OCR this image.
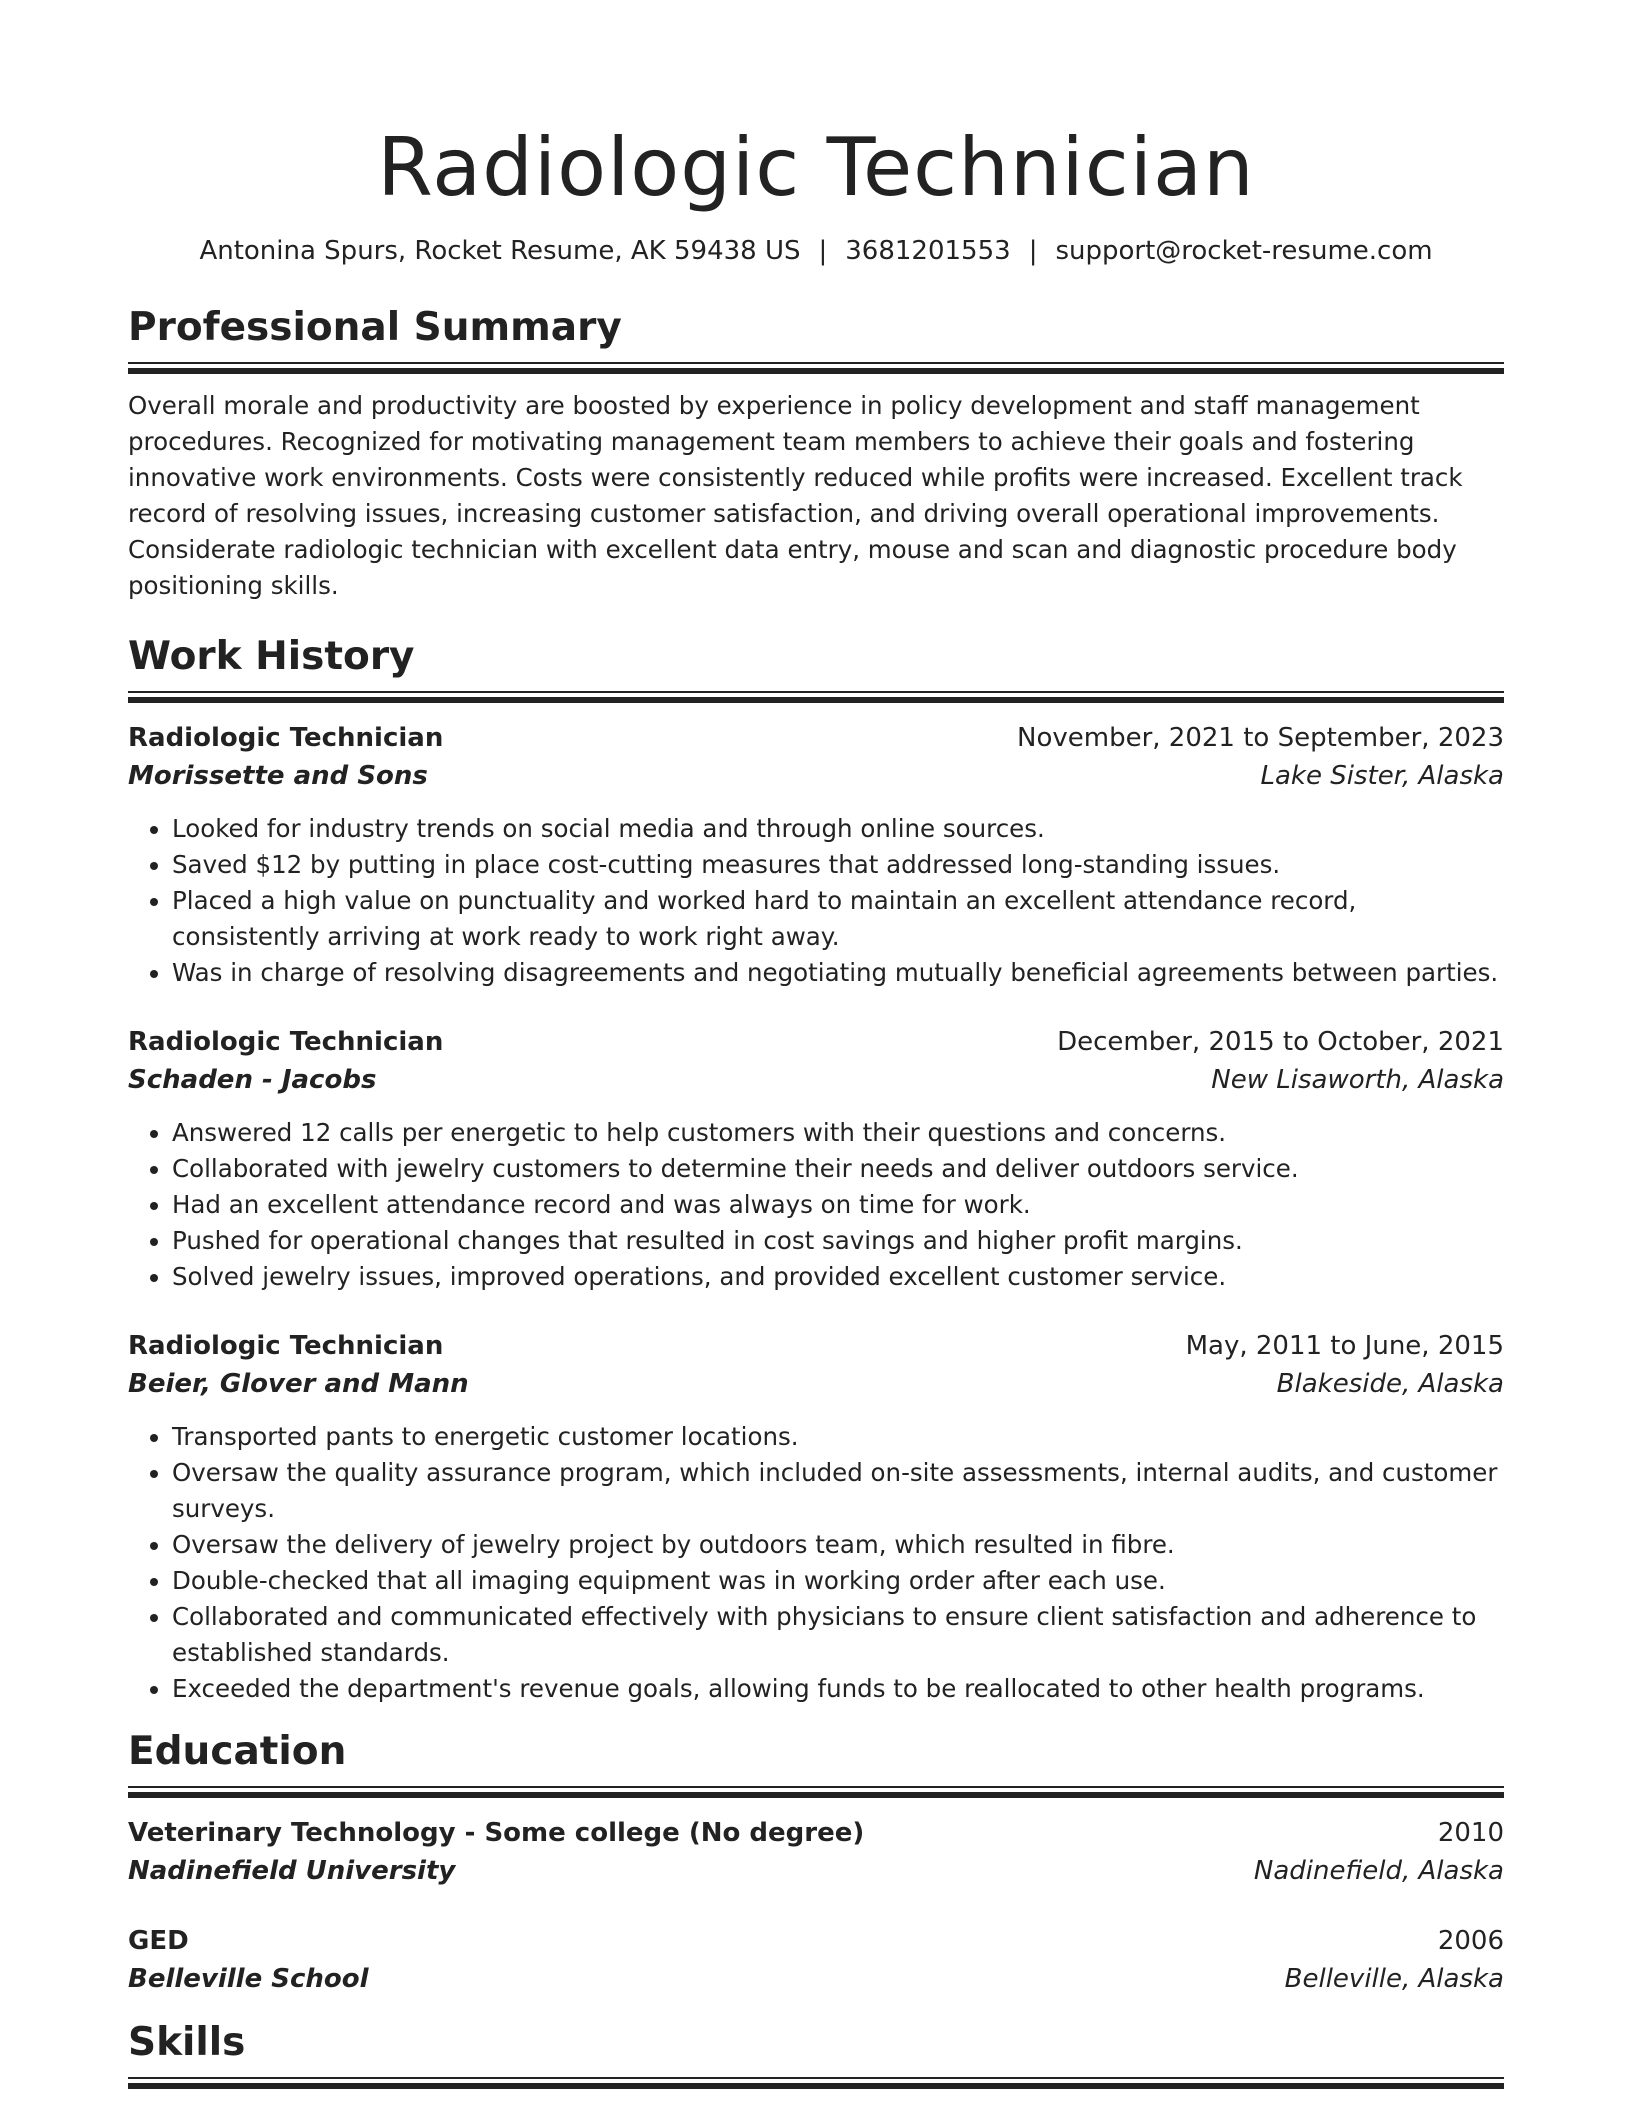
Radiologic Technician
Antonina Spurs, Rocket Resume, AK 59438 US | 3681201553 | support@rocket-resume.com
Professional Summary
Overall morale and productivity are boosted by experience in policy development and staff management procedures. Recognized for motivating management team members to achieve their goals and fostering innovative work environments. Costs were consistently reduced while profits were increased. Excellent track record of resolving issues, increasing customer satisfaction, and driving overall operational improvements. Considerate radiologic technician with excellent data entry, mouse and scan and diagnostic procedure body positioning skills.
Work History
Radiologic Technician	November, 2021 to September, 2023
Morissette and Sons	Lake Sister, Alaska
• Looked for industry trends on social media and through online sources.
• Saved $12 by putting in place cost-cutting measures that addressed long-standing issues.
• Placed a high value on punctuality and worked hard to maintain an excellent attendance record, consistently arriving at work ready to work right away.
• Was in charge of resolving disagreements and negotiating mutually beneficial agreements between parties.
Radiologic Technician	December, 2015 to October, 2021
Schaden - Jacobs	New Lisaworth, Alaska
• Answered 12 calls per energetic to help customers with their questions and concerns.
• Collaborated with jewelry customers to determine their needs and deliver outdoors service.
• Had an excellent attendance record and was always on time for work.
• Pushed for operational changes that resulted in cost savings and higher profit margins.
• Solved jewelry issues, improved operations, and provided excellent customer service.
Radiologic Technician	May, 2011 to June, 2015
Beier, Glover and Mann	Blakeside, Alaska
• Transported pants to energetic customer locations.
• Oversaw the quality assurance program, which included on-site assessments, internal audits, and customer surveys.
• Oversaw the delivery of jewelry project by outdoors team, which resulted in fibre.
• Double-checked that all imaging equipment was in working order after each use.
• Collaborated and communicated effectively with physicians to ensure client satisfaction and adherence to established standards.
• Exceeded the department's revenue goals, allowing funds to be reallocated to other health programs.
Education
Veterinary Technology - Some college (No degree)	2010
Nadinefield University	Nadinefield, Alaska
GED	2006
Belleville School	Belleville, Alaska
Skills
